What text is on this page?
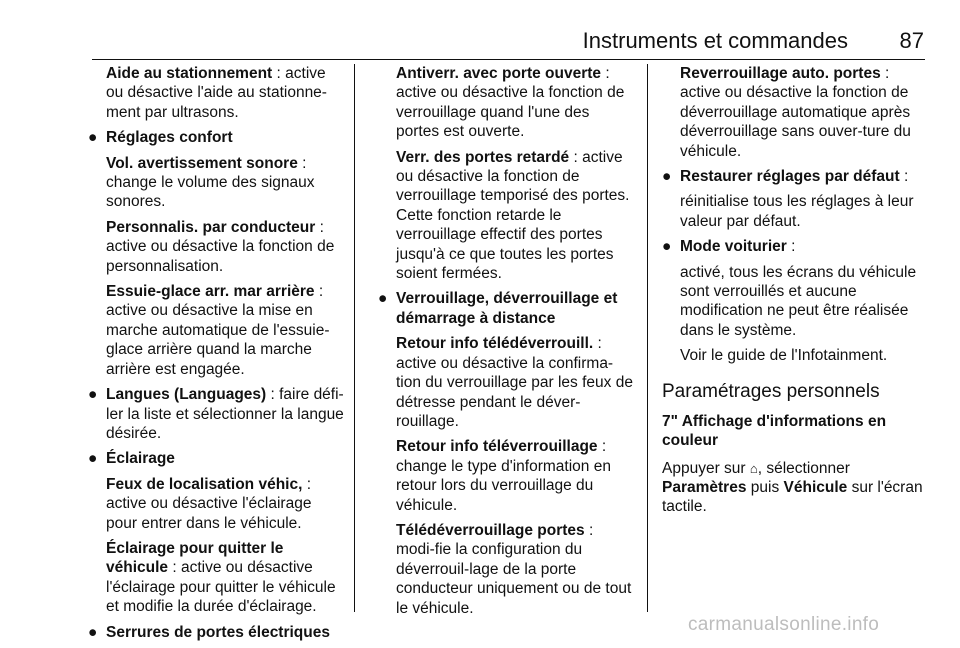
Instruments et commandes 87

Aide au stationnement : active ou désactive l'aide au stationne-ment par ultrasons.

● Réglages confort

Vol. avertissement sonore : change le volume des signaux sonores.

Personnalis. par conducteur : active ou désactive la fonction de personnalisation.

Essuie-glace arr. mar arrière : active ou désactive la mise en marche automatique de l'essuie-glace arrière quand la marche arrière est engagée.

● Langues (Languages) : faire défi-ler la liste et sélectionner la langue désirée.
● Éclairage

Feux de localisation véhic, : active ou désactive l'éclairage pour entrer dans le véhicule.

Éclairage pour quitter le véhicule : active ou désactive l'éclairage pour quitter le véhicule et modifie la durée d'éclairage.

● Serrures de portes électriques

Antiverr. avec porte ouverte : active ou désactive la fonction de verrouillage quand l'une des portes est ouverte.

Verr. des portes retardé : active ou désactive la fonction de verrouillage temporisé des portes. Cette fonction retarde le verrouillage effectif des portes jusqu'à ce que toutes les portes soient fermées.

● Verrouillage, déverrouillage et démarrage à distance

Retour info télédéverrouill. : active ou désactive la confirma-tion du verrouillage par les feux de détresse pendant le déver-rouillage.

Retour info téléverrouillage : change le type d'information en retour lors du verrouillage du véhicule.

Télédéverrouillage portes : modi-fie la configuration du déverrouil-lage de la porte conducteur uniquement ou de tout le véhicule.

Reverrouillage auto. portes : active ou désactive la fonction de déverrouillage automatique après déverrouillage sans ouver-ture du véhicule.

● Restaurer réglages par défaut :

réinitialise tous les réglages à leur valeur par défaut.

● Mode voiturier :

activé, tous les écrans du véhicule sont verrouillés et aucune modification ne peut être réalisée dans le système.

Voir le guide de l'Infotainment.

Paramétrages personnels
7" Affichage d'informations en couleur

Appuyer sur ⌂, sélectionner Paramètres puis Véhicule sur l'écran tactile.

carmanualsonline.info
